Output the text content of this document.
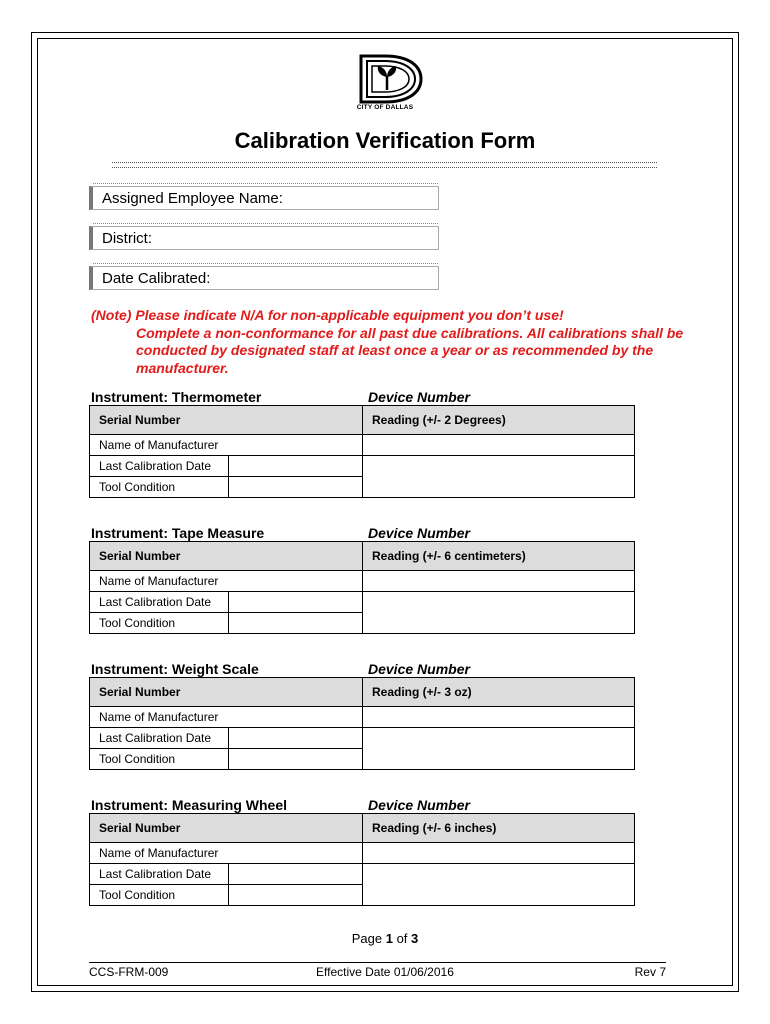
CITY OF DALLAS
Calibration Verification Form
Assigned Employee Name:
District:
Date Calibrated:
(Note) Please indicate N/A for non-applicable equipment you don’t use!
Complete a non-conformance for all past due calibrations. All calibrations shall be conducted by designated staff at least once a year or as recommended by the manufacturer.
Instrument: Thermometer	Device Number
Serial Number		Reading (+/- 2 Degrees)
Name of Manufacturer		
Last Calibration Date		
Tool Condition		
Instrument: Tape Measure	Device Number
Serial Number		Reading (+/- 6 centimeters)
Name of Manufacturer		
Last Calibration Date		
Tool Condition		
Instrument: Weight Scale	Device Number
Serial Number		Reading (+/- 3 oz)
Name of Manufacturer		
Last Calibration Date		
Tool Condition		
Instrument: Measuring Wheel	Device Number
Serial Number		Reading (+/- 6 inches)
Name of Manufacturer		
Last Calibration Date		
Tool Condition		
Page 1 of 3
CCS-FRM-009	Effective Date 01/06/2016	Rev 7
